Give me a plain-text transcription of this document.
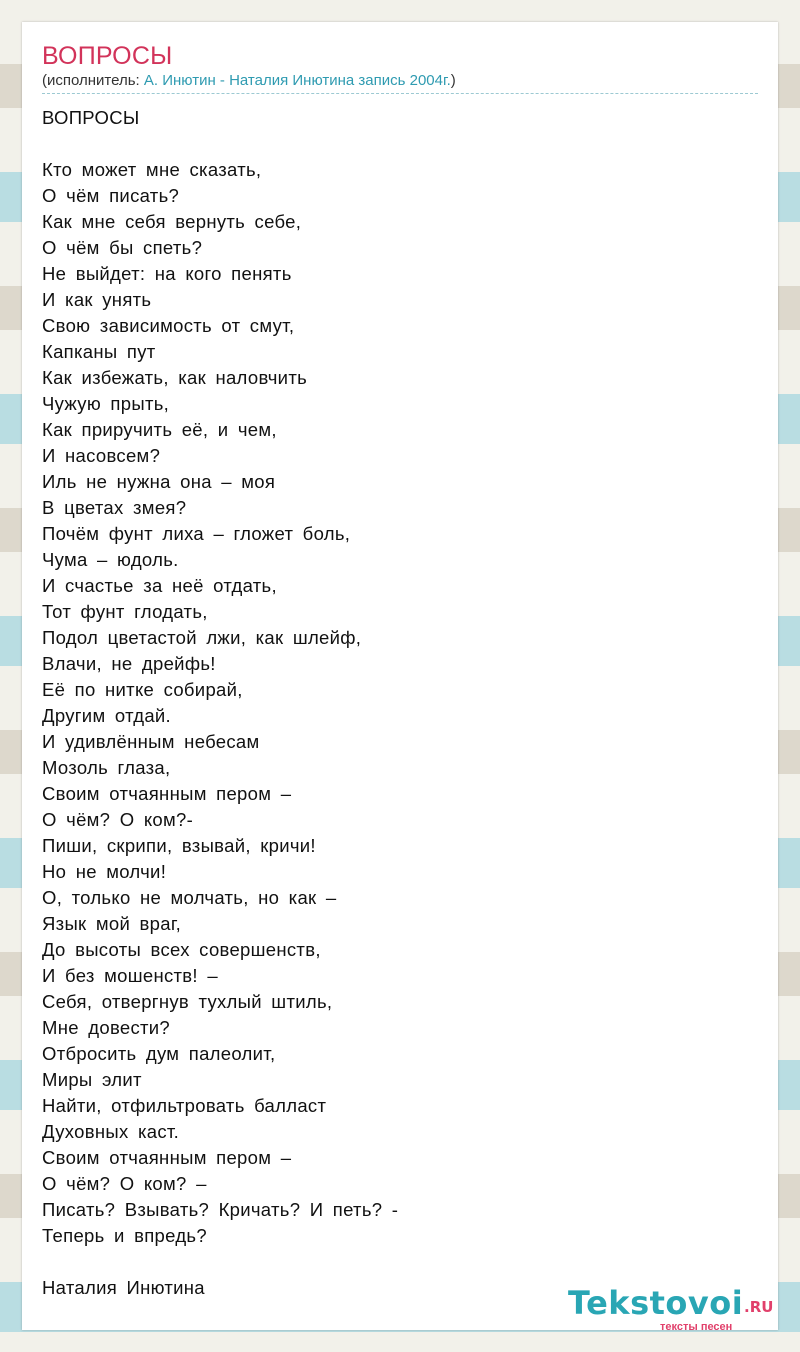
ВОПРОСЫ
(исполнитель: А. Инютин - Наталия Инютина запись 2004г.)
ВОПРОСЫ
Кто может мне сказать,
О чём писать?
Как мне себя вернуть себе,
О чём бы спеть?
Не выйдет: на кого пенять
И как унять
Свою зависимость от смут,
Капканы пут
Как избежать, как наловчить
Чужую прыть,
Как приручить её, и чем,
И насовсем?
Иль не нужна она – моя
В цветах змея?
Почём фунт лиха – гложет боль,
Чума – юдоль.
И счастье за неё отдать,
Тот фунт глодать,
Подол цветастой лжи, как шлейф,
Влачи, не дрейфь!
Её по нитке собирай,
Другим отдай.
И удивлённым небесам
Мозоль глаза,
Своим отчаянным пером –
О чём? О ком?-
Пиши, скрипи, взывай, кричи!
Но не молчи!
О, только не молчать, но как –
Язык мой враг,
До высоты всех совершенств,
И без мошенств! –
Себя, отвергнув тухлый штиль,
Мне довести?
Отбросить дум палеолит,
Миры элит
Найти, отфильтровать балласт
Духовных каст.
Своим отчаянным пером –
О чём? О ком? –
Писать? Взывать? Кричать? И петь? -
Теперь и впредь?
Наталия Инютина	Tekstovoi .RU
тексты песен
